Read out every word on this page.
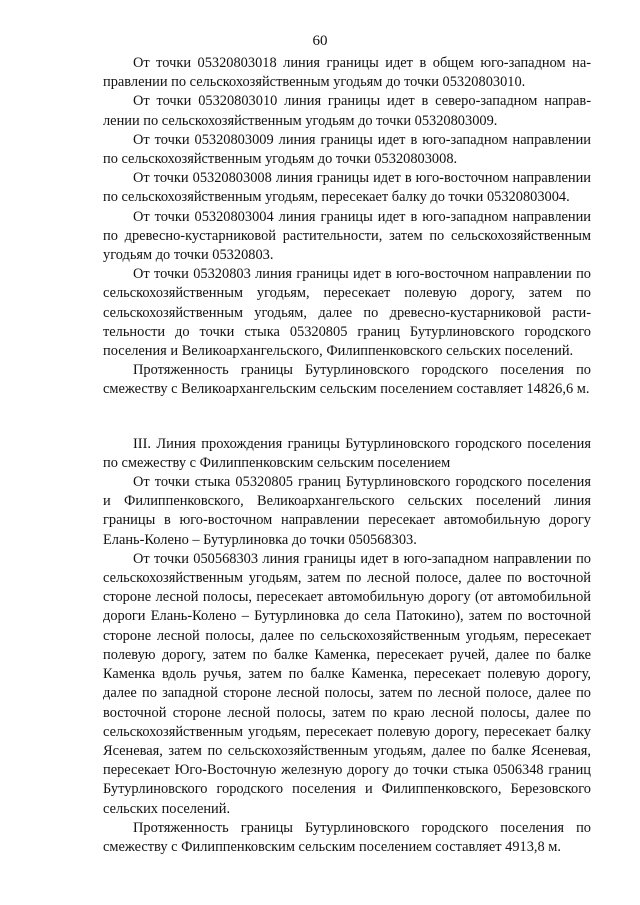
60

От точки 05320803018 линия границы идет в общем юго-западном направлении по сельскохозяйственным угодьям до точки 05320803010.

От точки 05320803010 линия границы идет в северо-западном направлении по сельскохозяйственным угодьям до точки 05320803009.

От точки 05320803009 линия границы идет в юго-западном направлении по сельскохозяйственным угодьям до точки 05320803008.

От точки 05320803008 линия границы идет в юго-восточном направлении по сельскохозяйственным угодьям, пересекает балку до точки 05320803004.

От точки 05320803004 линия границы идет в юго-западном направлении по древесно-кустарниковой растительности, затем по сельскохозяйственным угодьям до точки 05320803.

От точки 05320803 линия границы идет в юго-восточном направлении по сельскохозяйственным угодьям, пересекает полевую дорогу, затем по сельскохозяйственным угодьям, далее по древесно-кустарниковой растительности до точки стыка 05320805 границ Бутурлиновского городского поселения и Великоархангельского, Филиппенковского сельских поселений.

Протяженность границы Бутурлиновского городского поселения по смежеству с Великоархангельским сельским поселением составляет 14826,6 м.

III. Линия прохождения границы Бутурлиновского городского поселения по смежеству с Филиппенковским сельским поселением

От точки стыка 05320805 границ Бутурлиновского городского поселения и Филиппенковского, Великоархангельского сельских поселений линия границы в юго-восточном направлении пересекает автомобильную дорогу Елань-Колено – Бутурлиновка до точки 050568303.

От точки 050568303 линия границы идет в юго-западном направлении по сельскохозяйственным угодьям, затем по лесной полосе, далее по восточной стороне лесной полосы, пересекает автомобильную дорогу (от автомобильной дороги Елань-Колено – Бутурлиновка до села Патокино), затем по восточной стороне лесной полосы, далее по сельскохозяйственным угодьям, пересекает полевую дорогу, затем по балке Каменка, пересекает ручей, далее по балке Каменка вдоль ручья, затем по балке Каменка, пересекает полевую дорогу, далее по западной стороне лесной полосы, затем по лесной полосе, далее по восточной стороне лесной полосы, затем по краю лесной полосы, далее по сельскохозяйственным угодьям, пересекает полевую дорогу, пересекает балку Ясеневая, затем по сельскохозяйственным угодьям, далее по балке Ясеневая, пересекает Юго-Восточную железную дорогу до точки стыка 0506348 границ Бутурлиновского городского поселения и Филиппенковского, Березовского сельских поселений.

Протяженность границы Бутурлиновского городского поселения по смежеству с Филиппенковским сельским поселением составляет 4913,8 м.
